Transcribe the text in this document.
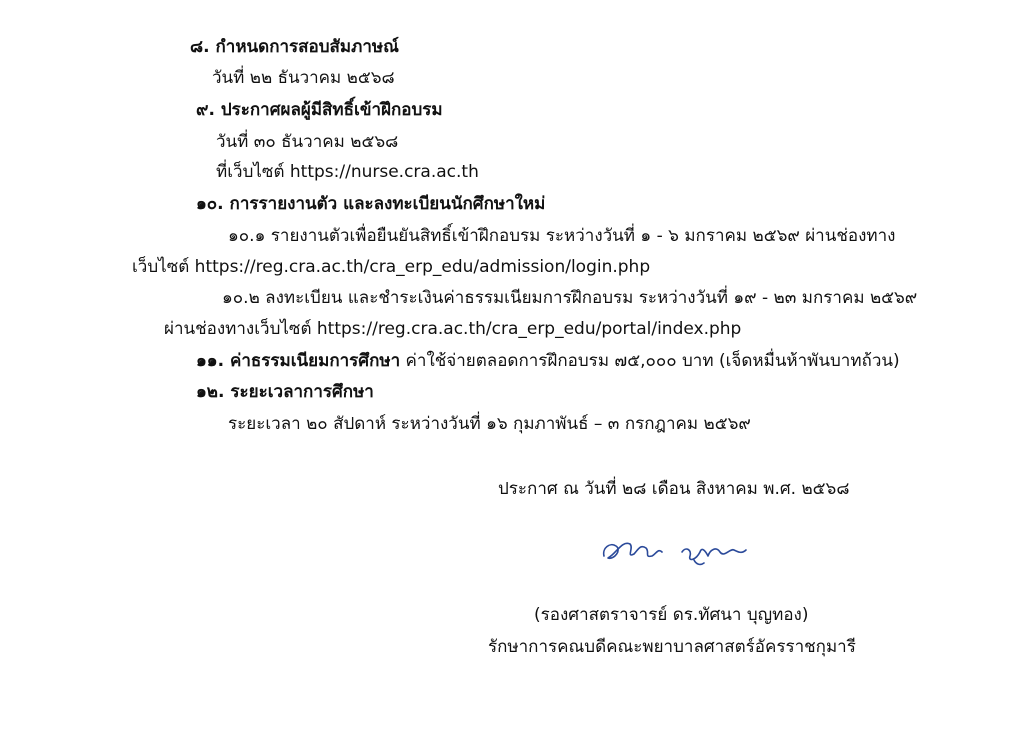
๘. กำหนดการสอบสัมภาษณ์
วันที่ ๒๒ ธันวาคม ๒๕๖๘
๙. ประกาศผลผู้มีสิทธิ์เข้าฝึกอบรม
วันที่ ๓๐ ธันวาคม ๒๕๖๘
ที่เว็บไซต์ https://nurse.cra.ac.th
๑๐. การรายงานตัว และลงทะเบียนนักศึกษาใหม่
๑๐.๑ รายงานตัวเพื่อยืนยันสิทธิ์เข้าฝึกอบรม ระหว่างวันที่ ๑ - ๖ มกราคม ๒๕๖๙ ผ่านช่องทาง
เว็บไซต์ https://reg.cra.ac.th/cra_erp_edu/admission/login.php
๑๐.๒ ลงทะเบียน และชำระเงินค่าธรรมเนียมการฝึกอบรม ระหว่างวันที่ ๑๙ - ๒๓ มกราคม ๒๕๖๙
ผ่านช่องทางเว็บไซต์ https://reg.cra.ac.th/cra_erp_edu/portal/index.php
๑๑. ค่าธรรมเนียมการศึกษา ค่าใช้จ่ายตลอดการฝึกอบรม ๗๕,๐๐๐ บาท (เจ็ดหมื่นห้าพันบาทถ้วน)
๑๒. ระยะเวลาการศึกษา
ระยะเวลา ๒๐ สัปดาห์ ระหว่างวันที่ ๑๖ กุมภาพันธ์ – ๓ กรกฎาคม ๒๕๖๙
ประกาศ ณ วันที่ ๒๘ เดือน สิงหาคม พ.ศ. ๒๕๖๘
(รองศาสตราจารย์ ดร.ทัศนา บุญทอง)
รักษาการคณบดีคณะพยาบาลศาสตร์อัครราชกุมารี
